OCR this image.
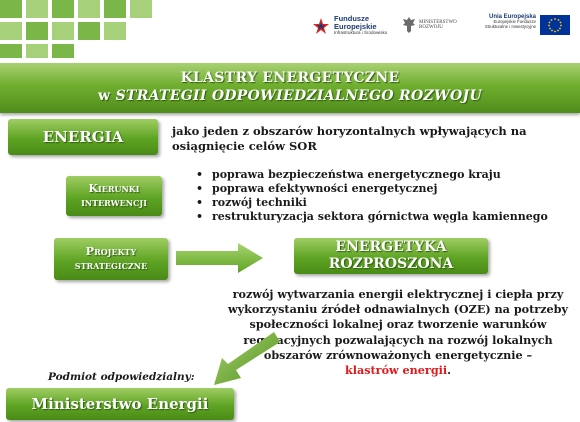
Fundusze
Europejskie
Infrastruktura i Środowisko
MINISTERSTWO
ROZWOJU
Unia Europejska
Europejskie Fundusze
Strukturalne i Inwestycyjne
KLASTRY ENERGETYCZNE
w STRATEGII ODPOWIEDZIALNEGO ROZWOJU
ENERGIA	jako jeden z obszarów horyzontalnych wpływających na
osiągnięcie celów SOR
Kierunki
interwencji
• poprawa bezpieczeństwa energetycznego kraju
• poprawa efektywności energetycznej
• rozwój techniki
• restrukturyzacja sektora górnictwa węgla kamiennego
Projekty
strategiczne
ENERGETYKA
ROZPROSZONA
rozwój wytwarzania energii elektrycznej i ciepła przy
wykorzystaniu źródeł odnawialnych (OZE) na potrzeby
społeczności lokalnej oraz tworzenie warunków
regulacyjnych pozwalających na rozwój lokalnych
obszarów zrównoważonych energetycznie –
klastrów energii.
Podmiot odpowiedzialny:
Ministerstwo Energii
